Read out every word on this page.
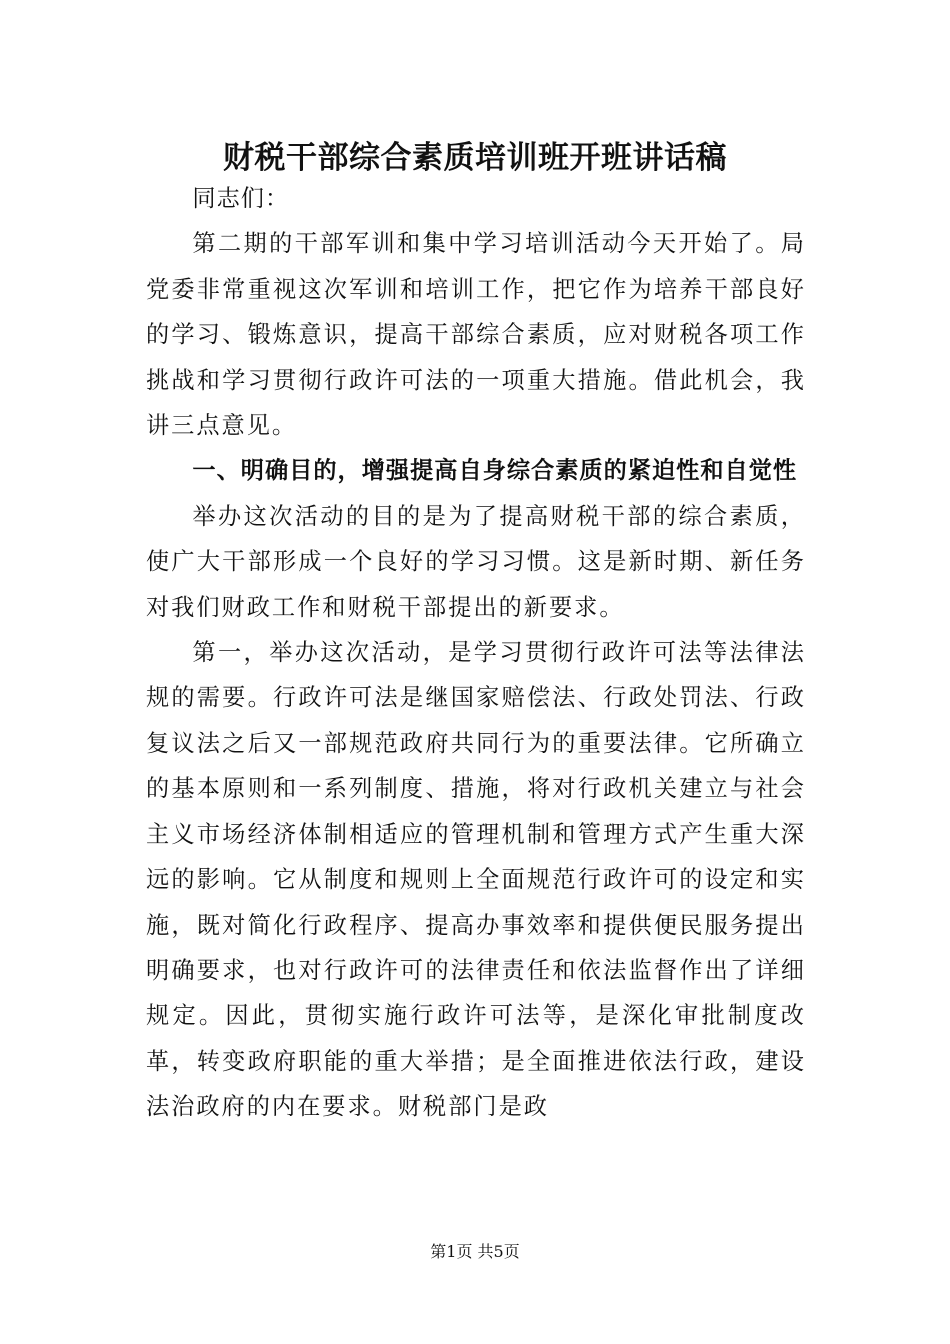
财税干部综合素质培训班开班讲话稿

同志们：

第二期的干部军训和集中学习培训活动今天开始了。局党委非常重视这次军训和培训工作，把它作为培养干部良好的学习、锻炼意识，提高干部综合素质，应对财税各项工作挑战和学习贯彻行政许可法的一项重大措施。借此机会，我讲三点意见。

一、明确目的，增强提高自身综合素质的紧迫性和自觉性

举办这次活动的目的是为了提高财税干部的综合素质，使广大干部形成一个良好的学习习惯。这是新时期、新任务对我们财政工作和财税干部提出的新要求。

第一，举办这次活动，是学习贯彻行政许可法等法律法规的需要。行政许可法是继国家赔偿法、行政处罚法、行政复议法之后又一部规范政府共同行为的重要法律。它所确立的基本原则和一系列制度、措施，将对行政机关建立与社会主义市场经济体制相适应的管理机制和管理方式产生重大深远的影响。它从制度和规则上全面规范行政许可的设定和实施，既对简化行政程序、提高办事效率和提供便民服务提出明确要求，也对行政许可的法律责任和依法监督作出了详细规定。因此，贯彻实施行政许可法等，是深化审批制度改革，转变政府职能的重大举措；是全面推进依法行政，建设法治政府的内在要求。财税部门是政

第1页 共5页
